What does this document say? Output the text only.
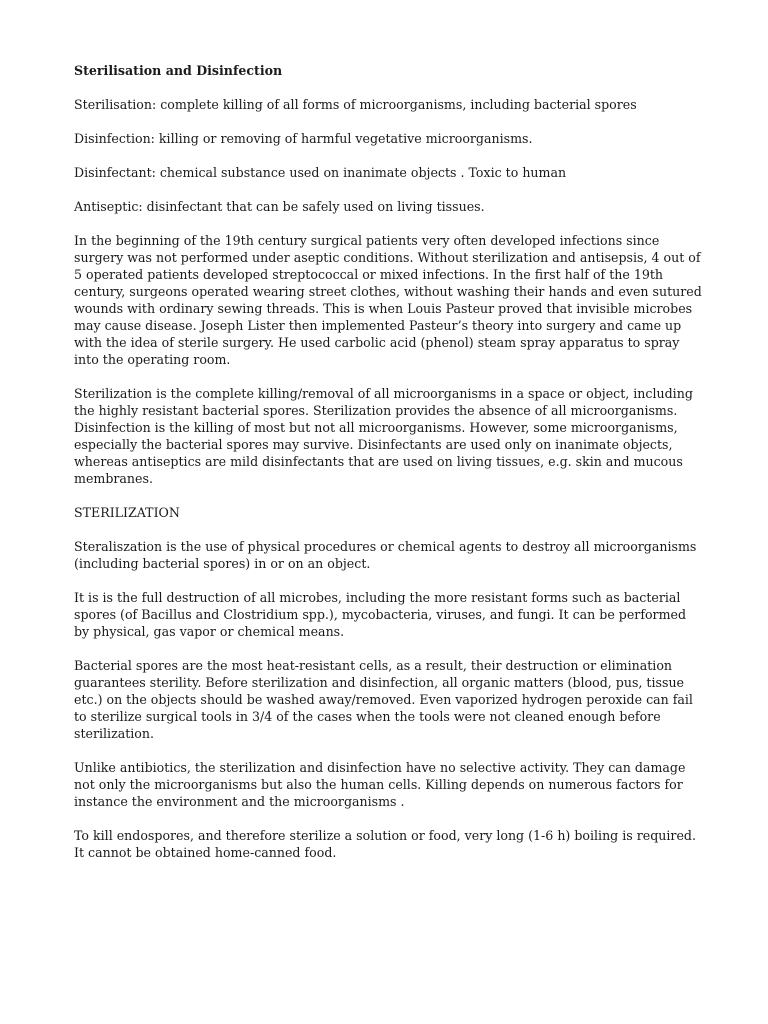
Sterilisation and Disinfection

Sterilisation: complete killing of all forms of microorganisms, including bacterial spores

Disinfection: killing or removing of harmful vegetative microorganisms.

Disinfectant: chemical substance used on inanimate objects . Toxic to human

Antiseptic: disinfectant that can be safely used on living tissues.

In the beginning of the 19th century surgical patients very often developed infections since surgery was not performed under aseptic conditions. Without sterilization and antisepsis, 4 out of 5 operated patients developed streptococcal or mixed infections. In the first half of the 19th century, surgeons operated wearing street clothes, without washing their hands and even sutured wounds with ordinary sewing threads. This is when Louis Pasteur proved that invisible microbes may cause disease. Joseph Lister then implemented Pasteur’s theory into surgery and came up with the idea of sterile surgery. He used carbolic acid (phenol) steam spray apparatus to spray into the operating room.

Sterilization is the complete killing/removal of all microorganisms in a space or object, including the highly resistant bacterial spores. Sterilization provides the absence of all microorganisms. Disinfection is the killing of most but not all microorganisms. However, some microorganisms, especially the bacterial spores may survive. Disinfectants are used only on inanimate objects, whereas antiseptics are mild disinfectants that are used on living tissues, e.g. skin and mucous membranes.

STERILIZATION

Steraliszation is the use of physical procedures or chemical agents to destroy all microorganisms (including bacterial spores) in or on an object.

It is is the full destruction of all microbes, including the more resistant forms such as bacterial spores (of Bacillus and Clostridium spp.), mycobacteria, viruses, and fungi. It can be performed by physical, gas vapor or chemical means.

Bacterial spores are the most heat-resistant cells, as a result, their destruction or elimination guarantees sterility. Before sterilization and disinfection, all organic matters (blood, pus, tissue etc.) on the objects should be washed away/removed. Even vaporized hydrogen peroxide can fail to sterilize surgical tools in 3/4 of the cases when the tools were not cleaned enough before sterilization.

Unlike antibiotics, the sterilization and disinfection have no selective activity. They can damage not only the microorganisms but also the human cells. Killing depends on numerous factors for instance the environment and the microorganisms .

To kill endospores, and therefore sterilize a solution or food, very long (1-6 h) boiling is required. It cannot be obtained home-canned food.
